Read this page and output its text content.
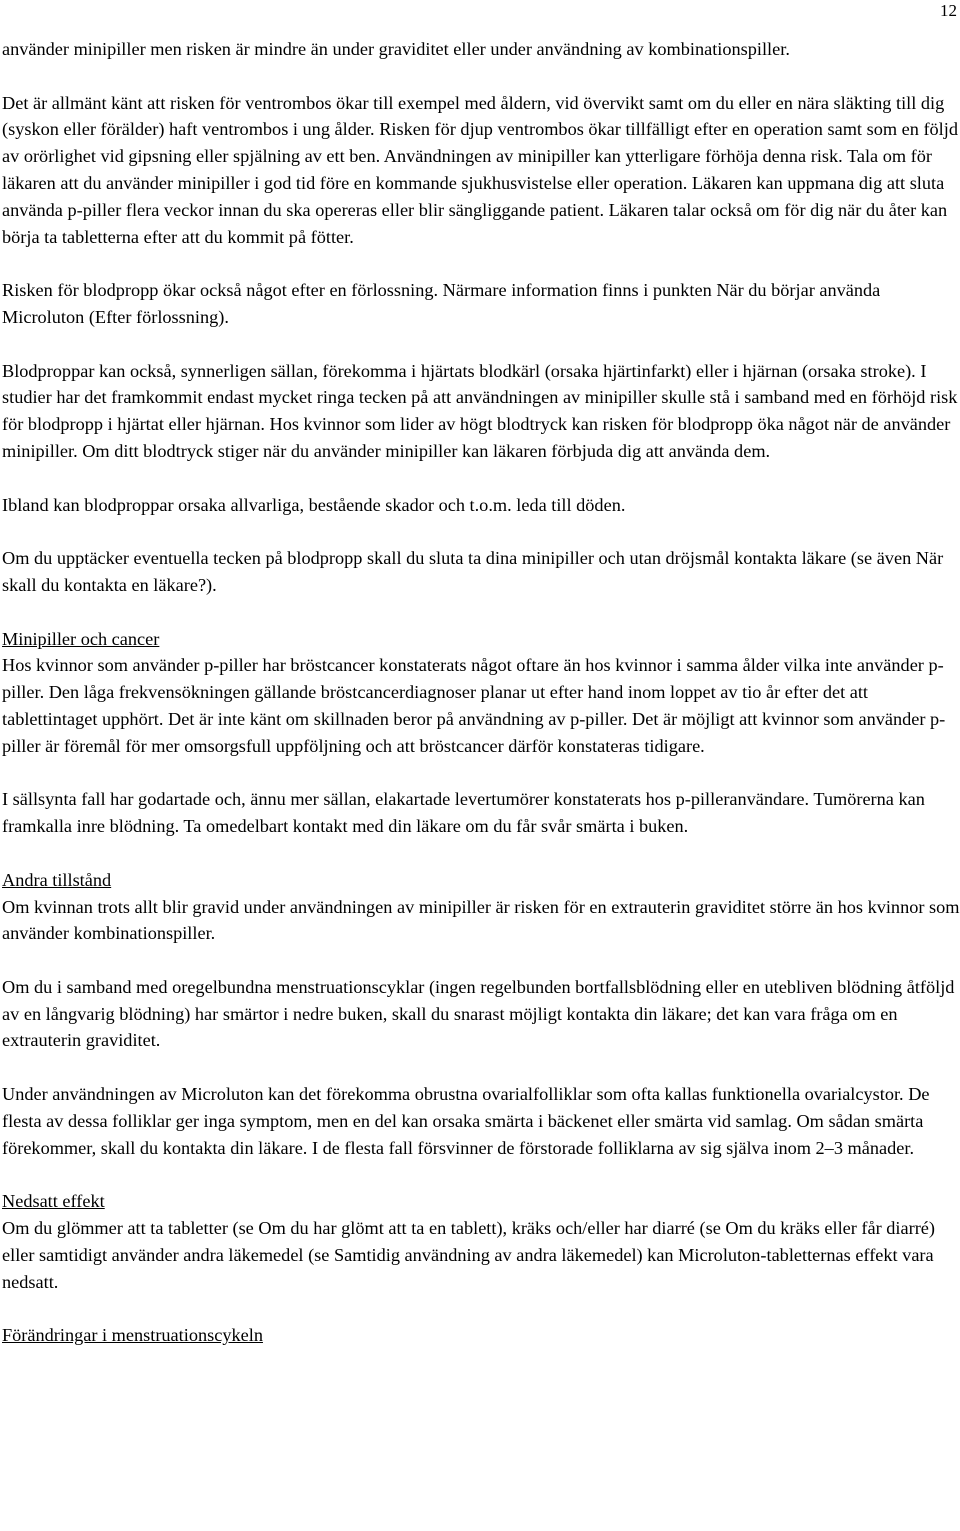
12
använder minipiller men risken är mindre än under graviditet eller under användning av kombinationspiller.
Det är allmänt känt att risken för ventrombos ökar till exempel med åldern, vid övervikt samt om du eller en nära släkting till dig (syskon eller förälder) haft ventrombos i ung ålder. Risken för djup ventrombos ökar tillfälligt efter en operation samt som en följd av orörlighet vid gipsning eller spjälning av ett ben. Användningen av minipiller kan ytterligare förhöja denna risk. Tala om för läkaren att du använder minipiller i god tid före en kommande sjukhusvistelse eller operation. Läkaren kan uppmana dig att sluta använda p-piller flera veckor innan du ska opereras eller blir sängliggande patient. Läkaren talar också om för dig när du åter kan börja ta tabletterna efter att du kommit på fötter.
Risken för blodpropp ökar också något efter en förlossning. Närmare information finns i punkten När du börjar använda Microluton (Efter förlossning).
Blodproppar kan också, synnerligen sällan, förekomma i hjärtats blodkärl (orsaka hjärtinfarkt) eller i hjärnan (orsaka stroke). I studier har det framkommit endast mycket ringa tecken på att användningen av minipiller skulle stå i samband med en förhöjd risk för blodpropp i hjärtat eller hjärnan. Hos kvinnor som lider av högt blodtryck kan risken för blodpropp öka något när de använder minipiller. Om ditt blodtryck stiger när du använder minipiller kan läkaren förbjuda dig att använda dem.
Ibland kan blodproppar orsaka allvarliga, bestående skador och t.o.m. leda till döden.
Om du upptäcker eventuella tecken på blodpropp skall du sluta ta dina minipiller och utan dröjsmål kontakta läkare (se även När skall du kontakta en läkare?).
Minipiller och cancer
Hos kvinnor som använder p-piller har bröstcancer konstaterats något oftare än hos kvinnor i samma ålder vilka inte använder p-piller. Den låga frekvensökningen gällande bröstcancerdiagnoser planar ut efter hand inom loppet av tio år efter det att tablettintaget upphört. Det är inte känt om skillnaden beror på användning av p-piller. Det är möjligt att kvinnor som använder p-piller är föremål för mer omsorgsfull uppföljning och att bröstcancer därför konstateras tidigare.
I sällsynta fall har godartade och, ännu mer sällan, elakartade levertumörer konstaterats hos p-pilleranvändare. Tumörerna kan framkalla inre blödning. Ta omedelbart kontakt med din läkare om du får svår smärta i buken.
Andra tillstånd
Om kvinnan trots allt blir gravid under användningen av minipiller är risken för en extrauterin graviditet större än hos kvinnor som använder kombinationspiller.
Om du i samband med oregelbundna menstruationscyklar (ingen regelbunden bortfallsblödning eller en utebliven blödning åtföljd av en långvarig blödning) har smärtor i nedre buken, skall du snarast möjligt kontakta din läkare; det kan vara fråga om en extrauterin graviditet.
Under användningen av Microluton kan det förekomma obrustna ovarialfolliklar som ofta kallas funktionella ovarialcystor. De flesta av dessa folliklar ger inga symptom, men en del kan orsaka smärta i bäckenet eller smärta vid samlag. Om sådan smärta förekommer, skall du kontakta din läkare. I de flesta fall försvinner de förstorade folliklarna av sig själva inom 2–3 månader.
Nedsatt effekt
Om du glömmer att ta tabletter (se Om du har glömt att ta en tablett), kräks och/eller har diarré (se Om du kräks eller får diarré) eller samtidigt använder andra läkemedel (se Samtidig användning av andra läkemedel) kan Microluton-tabletternas effekt vara nedsatt.
Förändringar i menstruationscykeln
